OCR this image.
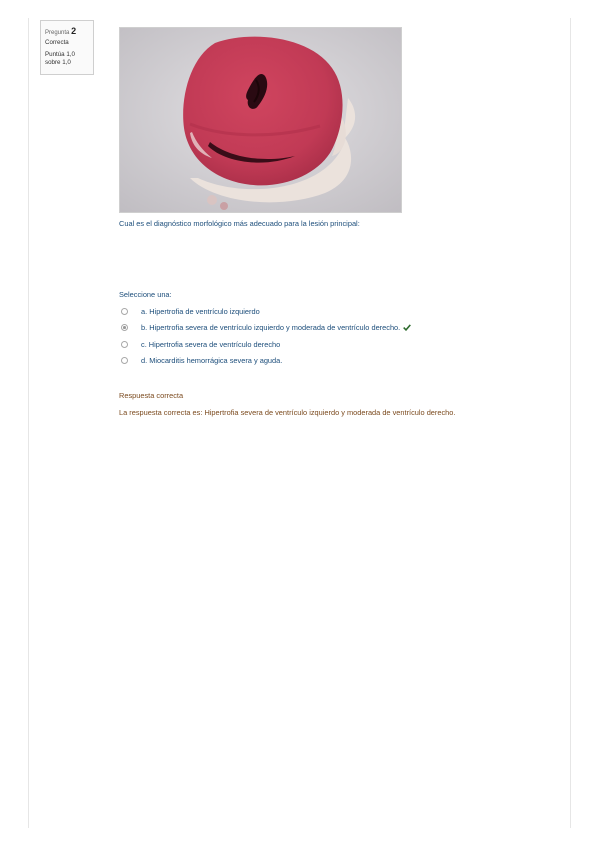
Pregunta 2
Correcta
Puntúa 1,0
sobre 1,0
Cual es el diagnóstico morfológico más adecuado para la lesión principal:
Seleccione una:
a. Hipertrofia de ventrículo izquierdo
b. Hipertrofia severa de ventrículo izquierdo y moderada de ventrículo derecho.
c. Hipertrofia severa de ventrículo derecho
d. Miocarditis hemorrágica severa y aguda.
Respuesta correcta
La respuesta correcta es: Hipertrofia severa de ventrículo izquierdo y moderada de ventrículo derecho.
